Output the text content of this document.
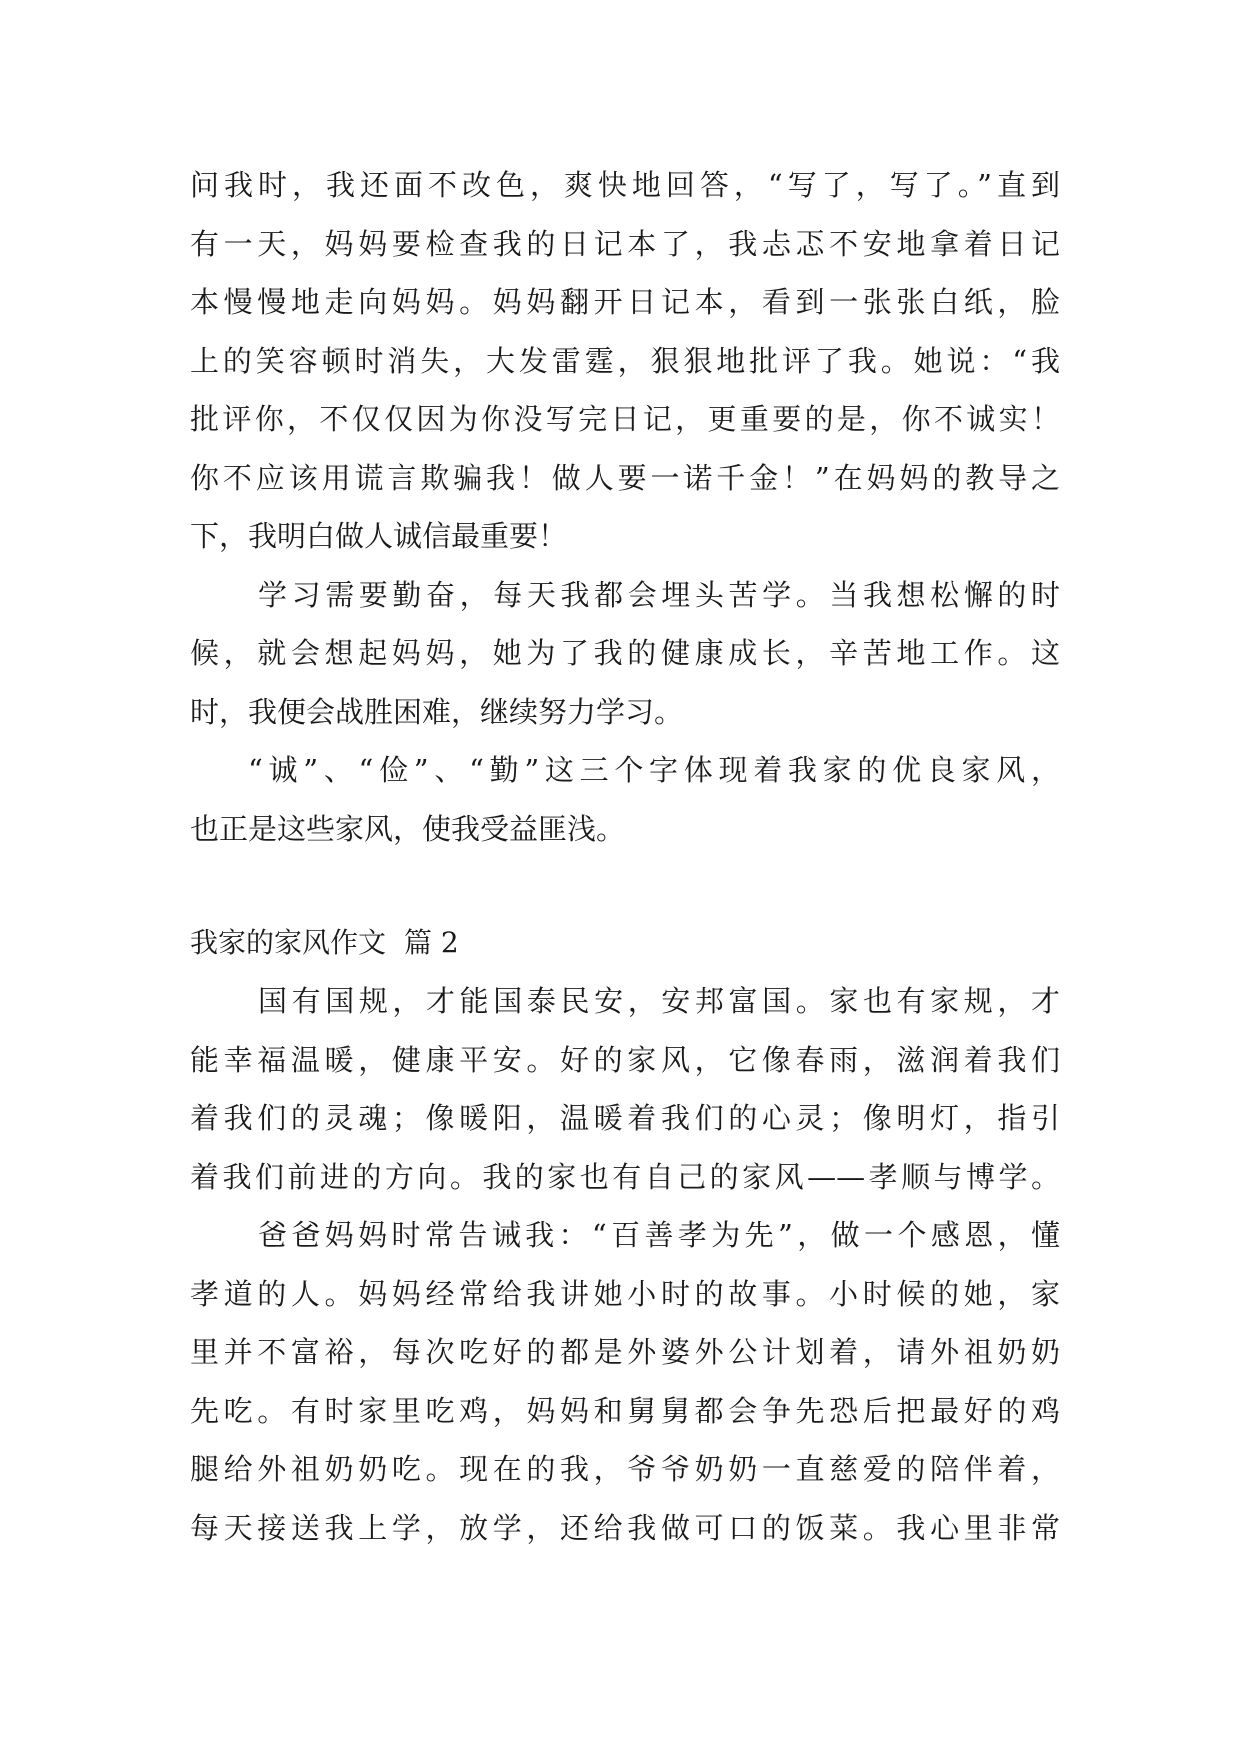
问我时，我还面不改色，爽快地回答，“写了，写了。”直到
有一天，妈妈要检查我的日记本了，我忐忑不安地拿着日记
本慢慢地走向妈妈。妈妈翻开日记本，看到一张张白纸，脸
上的笑容顿时消失，大发雷霆，狠狠地批评了我。她说：“我
批评你，不仅仅因为你没写完日记，更重要的是，你不诚实！
你不应该用谎言欺骗我！做人要一诺千金！”在妈妈的教导之
下，我明白做人诚信最重要！
学习需要勤奋，每天我都会埋头苦学。当我想松懈的时
候，就会想起妈妈，她为了我的健康成长，辛苦地工作。这
时，我便会战胜困难，继续努力学习。
“诚”、“俭”、“勤”这三个字体现着我家的优良家风，
也正是这些家风，使我受益匪浅。
我家的家风作文 篇 2
国有国规，才能国泰民安，安邦富国。家也有家规，才
能幸福温暖，健康平安。好的家风，它像春雨，滋润着我们
着我们的灵魂；像暖阳，温暖着我们的心灵；像明灯，指引
着我们前进的方向。我的家也有自己的家风——孝顺与博学。
爸爸妈妈时常告诫我：“百善孝为先”，做一个感恩，懂
孝道的人。妈妈经常给我讲她小时的故事。小时候的她，家
里并不富裕，每次吃好的都是外婆外公计划着，请外祖奶奶
先吃。有时家里吃鸡，妈妈和舅舅都会争先恐后把最好的鸡
腿给外祖奶奶吃。现在的我，爷爷奶奶一直慈爱的陪伴着，
每天接送我上学，放学，还给我做可口的饭菜。我心里非常
